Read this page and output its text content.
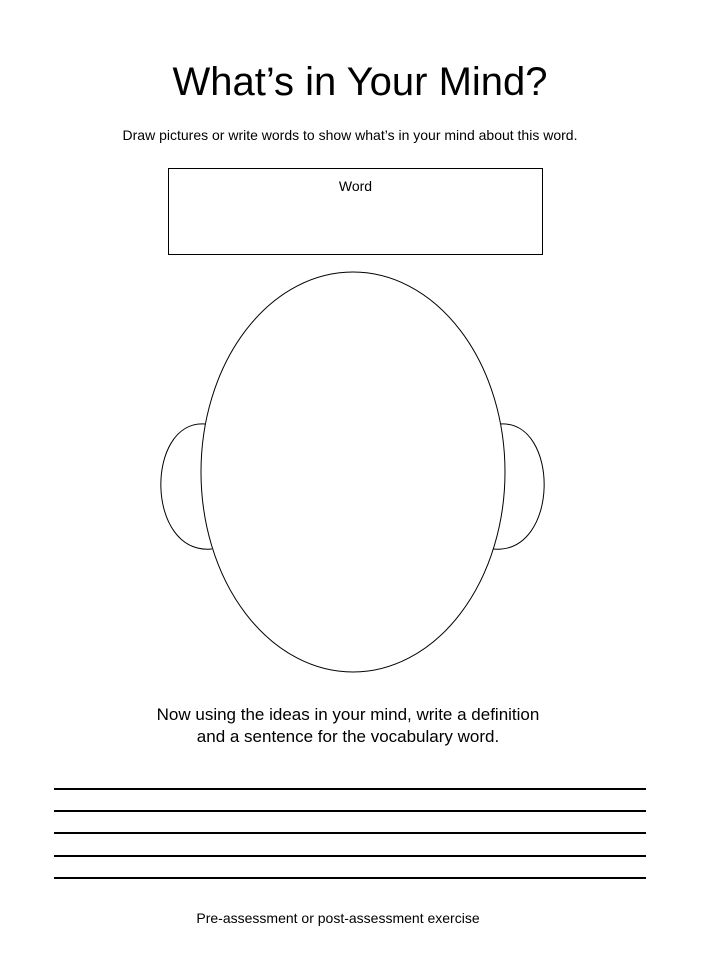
What’s in Your Mind?
Draw pictures or write words to show what’s in your mind about this word.
Word
Now using the ideas in your mind, write a definition
and a sentence for the vocabulary word.
Pre-assessment or post-assessment exercise
